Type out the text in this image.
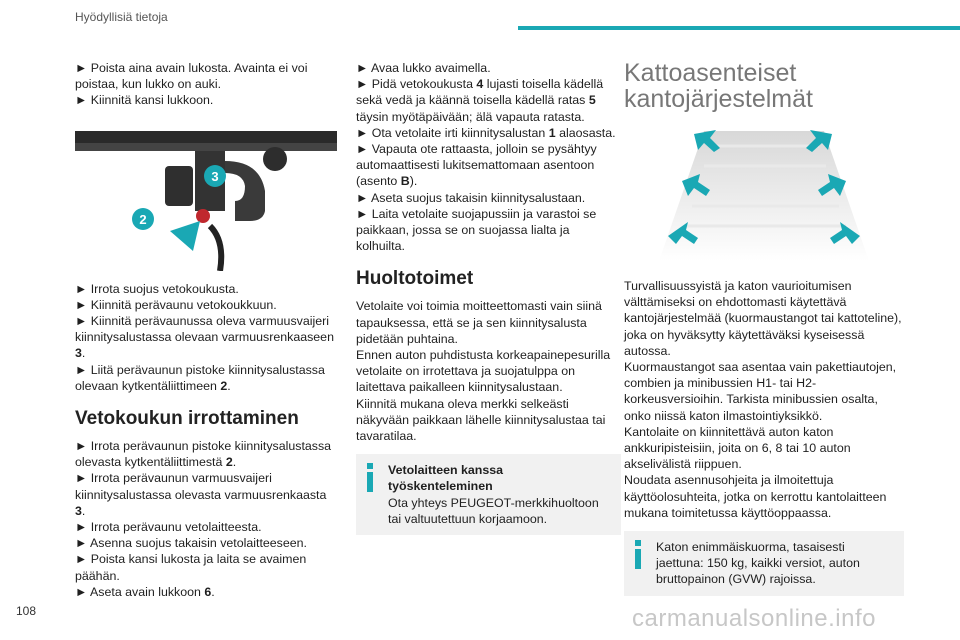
Hyödyllisiä tietoja

► Poista aina avain lukosta. Avainta ei voi poistaa, kun lukko on auki.

► Kiinnitä kansi lukkoon.

3
2

► Irrota suojus vetokoukusta.

► Kiinnitä perävaunu vetokoukkuun.

► Kiinnitä perävaunussa oleva varmuusvaijeri kiinnitysalustassa olevaan varmuusrenkaaseen 3.

► Liitä perävaunun pistoke kiinnitysalustassa olevaan kytkentäliittimeen 2.

Vetokoukun irrottaminen

► Irrota perävaunun pistoke kiinnitysalustassa olevasta kytkentäliittimestä 2.

► Irrota perävaunun varmuusvaijeri kiinnitysalustassa olevasta varmuusrenkaasta 3.

► Irrota perävaunu vetolaitteesta.

► Asenna suojus takaisin vetolaitteeseen.

► Poista kansi lukosta ja laita se avaimen päähän.

► Aseta avain lukkoon 6.

► Avaa lukko avaimella.

► Pidä vetokoukusta 4 lujasti toisella kädellä sekä vedä ja käännä toisella kädellä ratas 5 täysin myötäpäivään; älä vapauta ratasta.

► Ota vetolaite irti kiinnitysalustan 1 alaosasta.

► Vapauta ote rattaasta, jolloin se pysähtyy automaattisesti lukitsemattomaan asentoon (asento B).

► Aseta suojus takaisin kiinnitysalustaan.

► Laita vetolaite suojapussiin ja varastoi se paikkaan, jossa se on suojassa lialta ja kolhuilta.

Huoltotoimet

Vetolaite voi toimia moitteettomasti vain siinä tapauksessa, että se ja sen kiinnitysalusta pidetään puhtaina.

Ennen auton puhdistusta korkeapainepesurilla vetolaite on irrotettava ja suojatulppa on laitettava paikalleen kiinnitysalustaan.

Kiinnitä mukana oleva merkki selkeästi näkyvään paikkaan lähelle kiinnitysalustaa tai tavaratilaa.

Vetolaitteen kanssa työskenteleminen
Ota yhteys PEUGEOT-merkkihuoltoon tai valtuutettuun korjaamoon.
Kattoasenteiset
kantojärjestelmät

Turvallisuussyistä ja katon vaurioitumisen välttämiseksi on ehdottomasti käytettävä kantojärjestelmää (kuormaustangot tai kattoteline), joka on hyväksytty käytettäväksi kyseisessä autossa.

Kuormaustangot saa asentaa vain pakettiautojen, combien ja minibussien H1- tai H2-korkeusversioihin. Tarkista minibussien osalta, onko niissä katon ilmastointiyksikkö.

Kantolaite on kiinnitettävä auton katon ankkuripisteisiin, joita on 6, 8 tai 10 auton akselivälistä riippuen.

Noudata asennusohjeita ja ilmoitettuja käyttöolosuhteita, jotka on kerrottu kantolaitteen mukana toimitetussa käyttöoppaassa.

Katon enimmäiskuorma, tasaisesti jaettuna: 150 kg, kaikki versiot, auton bruttopainon (GVW) rajoissa.
108	carmanualsonline.info
